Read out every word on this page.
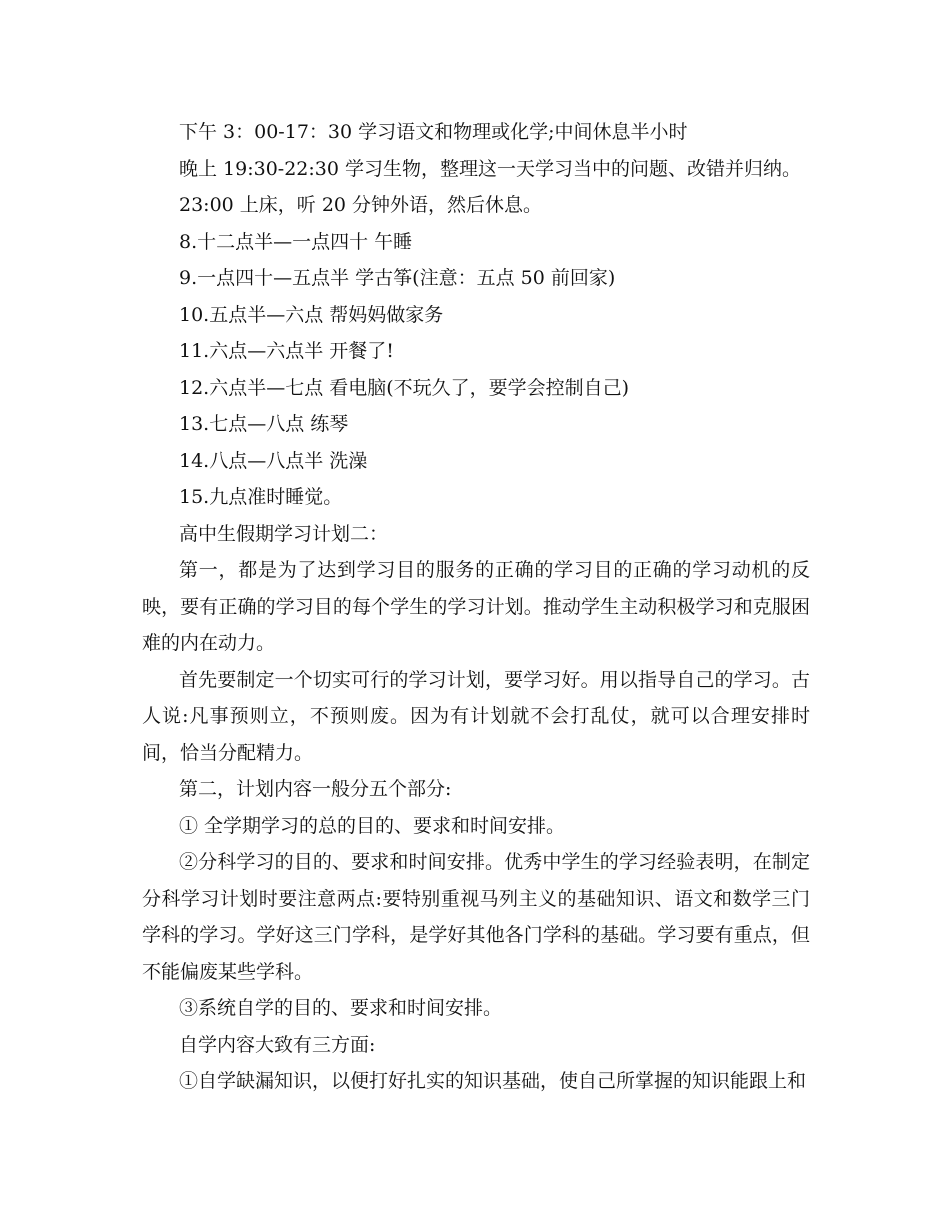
下午 3：00-17：30 学习语文和物理或化学;中间休息半小时

晚上 19:30-22:30 学习生物，整理这一天学习当中的问题、改错并归纳。

23:00 上床，听 20 分钟外语，然后休息。

8.十二点半—一点四十 午睡

9.一点四十—五点半 学古筝(注意：五点 50 前回家)

10.五点半—六点 帮妈妈做家务

11.六点—六点半 开餐了!

12.六点半—七点 看电脑(不玩久了，要学会控制自己)

13.七点—八点 练琴

14.八点—八点半 洗澡

15.九点准时睡觉。

高中生假期学习计划二：

第一，都是为了达到学习目的服务的正确的学习目的正确的学习动机的反映，要有正确的学习目的每个学生的学习计划。推动学生主动积极学习和克服困难的内在动力。

首先要制定一个切实可行的学习计划，要学习好。用以指导自己的学习。古人说:凡事预则立，不预则废。因为有计划就不会打乱仗，就可以合理安排时间，恰当分配精力。

第二，计划内容一般分五个部分:

① 全学期学习的总的目的、要求和时间安排。

②分科学习的目的、要求和时间安排。优秀中学生的学习经验表明，在制定分科学习计划时要注意两点:要特别重视马列主义的基础知识、语文和数学三门学科的学习。学好这三门学科，是学好其他各门学科的基础。学习要有重点，但不能偏废某些学科。

③系统自学的目的、要求和时间安排。

自学内容大致有三方面:

①自学缺漏知识，以便打好扎实的知识基础，使自己所掌握的知识能跟上和
